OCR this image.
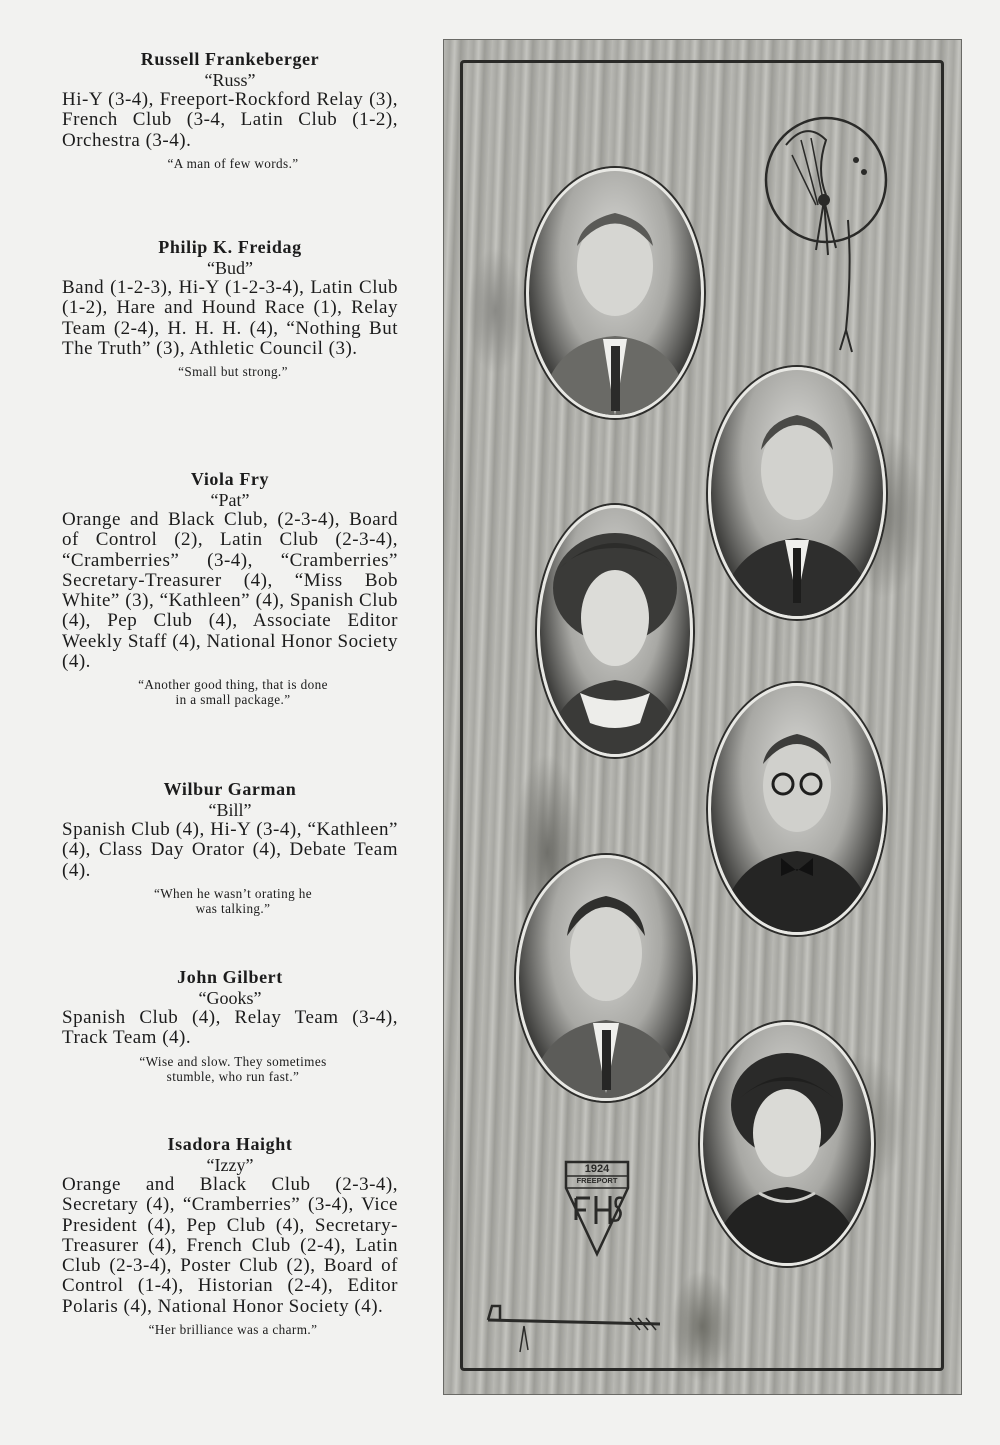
Russell Frankeberger
“Russ”
Hi-Y (3-4), Freeport-Rockford Relay (3), French Club (3-4, Latin Club (1-2), Orchestra (3-4).
“A man of few words.”
Philip K. Freidag
“Bud”
Band (1-2-3), Hi-Y (1-2-3-4), Latin Club (1-2), Hare and Hound Race (1), Relay Team (2-4), H. H. H. (4), “Nothing But The Truth” (3), Athletic Council (3).
“Small but strong.”
Viola Fry
“Pat”
Orange and Black Club, (2-3-4), Board of Control (2), Latin Club (2-3-4), “Cramberries” (3-4), “Cramberries” Secretary-Treasurer (4), “Miss Bob White” (3), “Kathleen” (4), Spanish Club (4), Pep Club (4), Associate Editor Weekly Staff (4), National Honor Society (4).
“Another good thing, that is done
in a small package.”
Wilbur Garman
“Bill”
Spanish Club (4), Hi-Y (3-4), “Kathleen” (4), Class Day Orator (4), Debate Team (4).
“When he wasn’t orating he
was talking.”
John Gilbert
“Gooks”
Spanish Club (4), Relay Team (3-4), Track Team (4).
“Wise and slow. They sometimes
stumble, who run fast.”
Isadora Haight
“Izzy”
Orange and Black Club (2-3-4), Secretary (4), “Cramberries” (3-4), Vice President (4), Pep Club (4), Secretary-Treasurer (4), French Club (2-4), Latin Club (2-3-4), Poster Club (2), Board of Control (1-4), Historian (2-4), Editor Polaris (4), National Honor Society (4).
“Her brilliance was a charm.”
1924
FREEPORT
